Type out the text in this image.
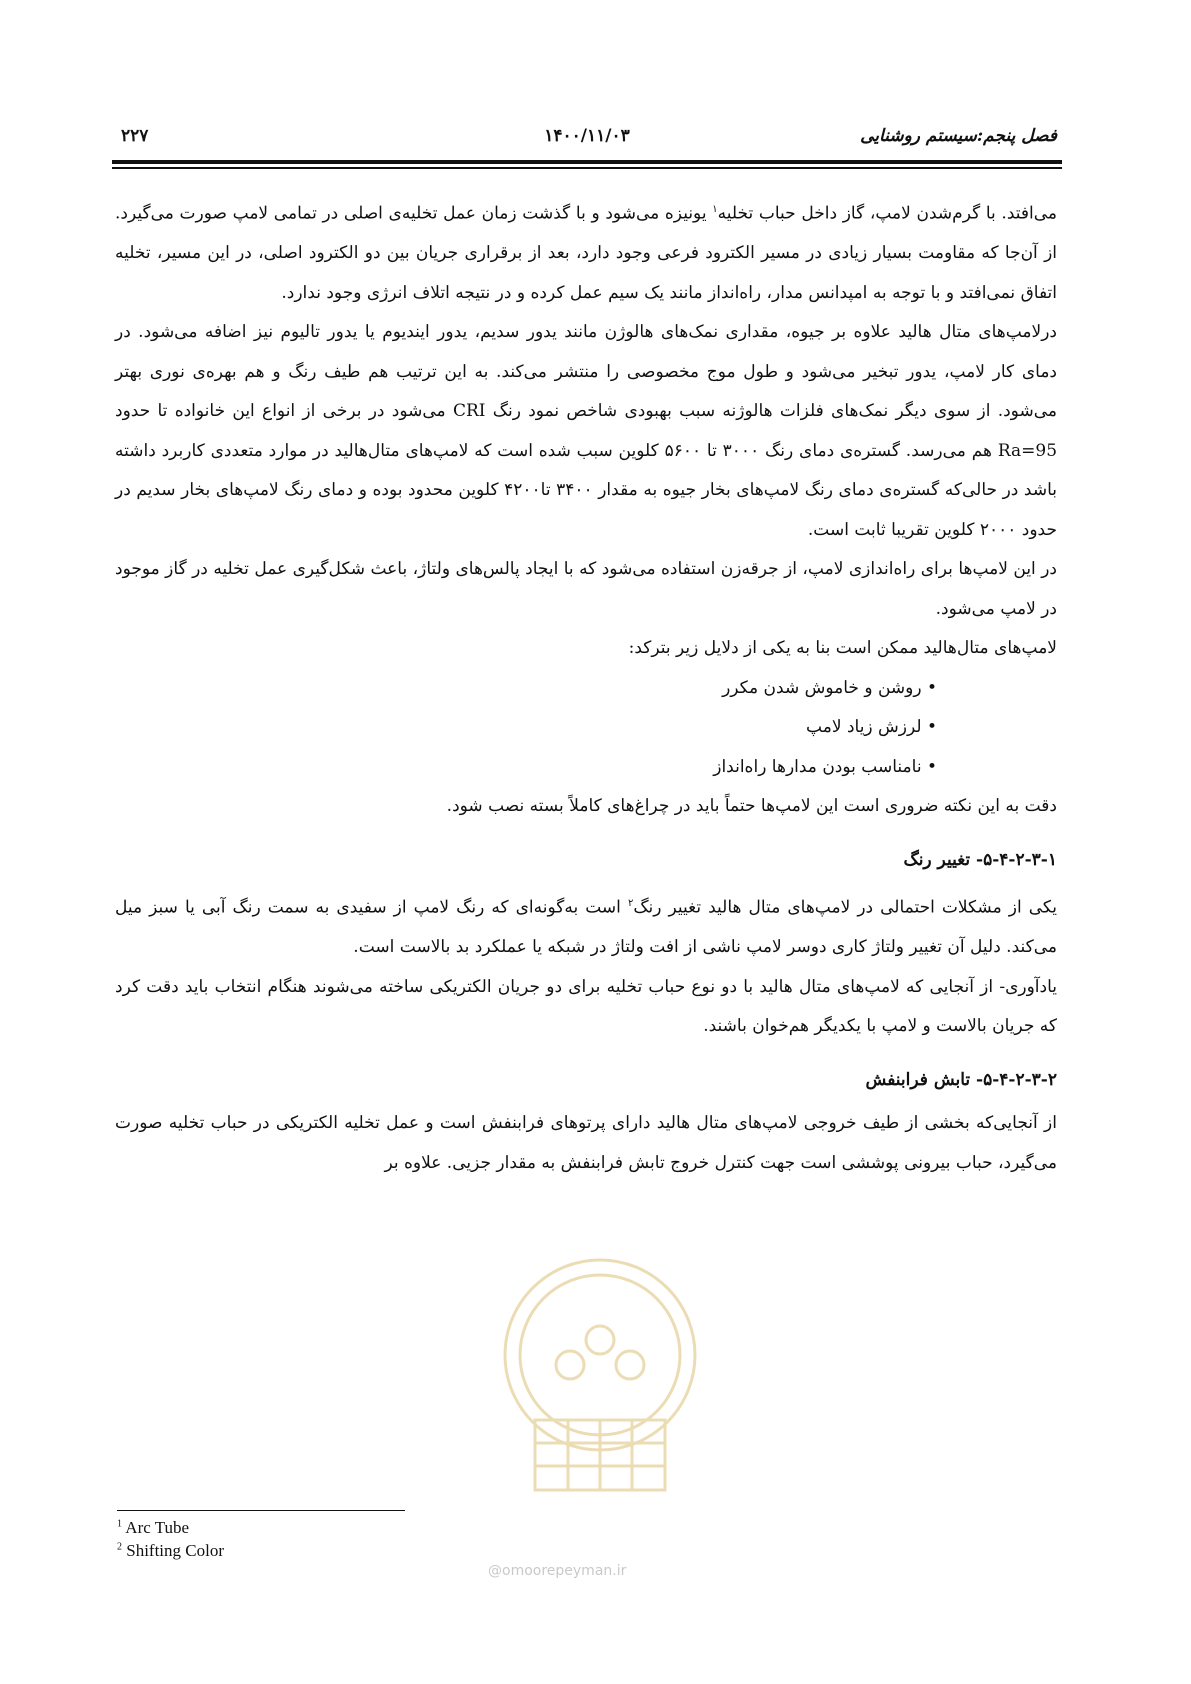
۲۲۷	۱۴۰۰/۱۱/۰۳	فصل پنجم:سیستم روشنایی

می‌افتد. با گرم‌شدن لامپ، گاز داخل حباب تخلیه$^۱$ یونیزه می‌شود و با گذشت زمان عمل تخلیه‌ی اصلی در تمامی لامپ صورت می‌گیرد. از آن‌جا که مقاومت بسیار زیادی در مسیر الکترود فرعی وجود دارد، بعد از برقراری جریان بین دو الکترود اصلی، در این مسیر، تخلیه اتفاق نمی‌افتد و با توجه به امپدانس مدار، راه‌انداز مانند یک سیم عمل کرده و در نتیجه اتلاف انرژی وجود ندارد.

درلامپ‌های متال هالید علاوه بر جیوه، مقداری نمک‌های هالوژن مانند یدور سدیم، یدور ایندیوم یا یدور تالیوم نیز اضافه می‌شود. در دمای کار لامپ، یدور تبخیر می‌شود و طول موج مخصوصی را منتشر می‌کند. به این ترتیب هم طیف رنگ و هم بهره‌ی نوری بهتر می‌شود. از سوی دیگر نمک‌های فلزات هالوژنه سبب بهبودی شاخص نمود رنگ CRI می‌شود در برخی از انواع این خانواده تا حدود Ra=95 هم می‌رسد. گستره‌ی دمای رنگ ۳۰۰۰ تا ۵۶۰۰ کلوین سبب شده است که لامپ‌های متال‌هالید در موارد متعددی کاربرد داشته باشد در حالی‌که گستره‌ی دمای رنگ لامپ‌های بخار جیوه به مقدار ۳۴۰۰ تا۴۲۰۰ کلوین محدود بوده و دمای رنگ لامپ‌های بخار سدیم در حدود ۲۰۰۰ کلوین تقریبا ثابت است.

در این لامپ‌ها برای راه‌اندازی لامپ، از جرقه‌زن استفاده می‌شود که با ایجاد پالس‌های ولتاژ، باعث شکل‌گیری عمل تخلیه در گاز موجود در لامپ می‌شود.

لامپ‌های متال‌هالید ممکن است بنا به یکی از دلایل زیر بترکد:

• روشن و خاموش شدن مکرر

• لرزش زیاد لامپ

• نامناسب بودن مدارها راه‌انداز

دقت به این نکته ضروری است این لامپ‌ها حتماً باید در چراغ‌های کاملاً بسته نصب شود.

۵-۴-۲-۳-۱- تغییر رنگ

یکی از مشکلات احتمالی در لامپ‌های متال هالید تغییر رنگ$^۲$ است به‌گونه‌ای که رنگ لامپ از سفیدی به سمت رنگ آبی یا سبز میل می‌کند. دلیل آن تغییر ولتاژ کاری دوسر لامپ ناشی از افت ولتاژ در شبکه یا عملکرد بد بالاست است.

یادآوری- از آنجایی که لامپ‌های متال هالید با دو نوع حباب تخلیه برای دو جریان الکتریکی ساخته می‌شوند هنگام انتخاب باید دقت کرد که جریان بالاست و لامپ با یکدیگر هم‌خوان باشند.

۵-۴-۲-۳-۲- تابش فرابنفش

از آنجایی‌که بخشی از طیف خروجی لامپ‌های متال هالید دارای پرتوهای فرابنفش است و عمل تخلیه الکتریکی در حباب تخلیه صورت می‌گیرد، حباب بیرونی پوششی است جهت کنترل خروج تابش فرابنفش به مقدار جزیی. علاوه بر

@omoorepeyman.ir
$^1$ Arc Tube
$^2$ Shifting Color
